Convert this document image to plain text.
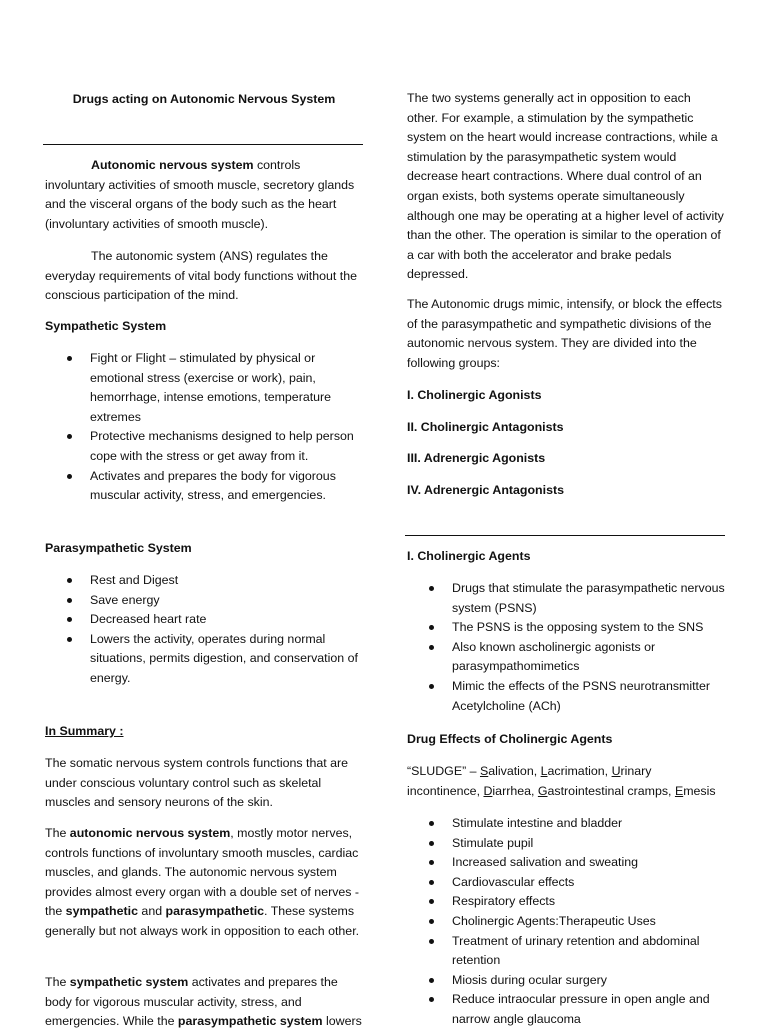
Drugs acting on Autonomic Nervous System

Autonomic nervous system controls involuntary activities of smooth muscle, secretory glands and the visceral organs of the body such as the heart (involuntary activities of smooth muscle).

The autonomic system (ANS) regulates the everyday requirements of vital body functions without the conscious participation of the mind.

Sympathetic System

Fight or Flight – stimulated by physical or emotional stress (exercise or work), pain, hemorrhage, intense emotions, temperature extremes
Protective mechanisms designed to help person cope with the stress or get away from it.
Activates and prepares the body for vigorous muscular activity, stress, and emergencies.

Parasympathetic System

Rest and Digest
Save energy
Decreased heart rate
Lowers the activity, operates during normal situations, permits digestion, and conservation of energy.

In Summary :

The somatic nervous system controls functions that are under conscious voluntary control such as skeletal muscles and sensory neurons of the skin.

The autonomic nervous system, mostly motor nerves, controls functions of involuntary smooth muscles, cardiac muscles, and glands. The autonomic nervous system provides almost every organ with a double set of nerves - the sympathetic and parasympathetic. These systems generally but not always work in opposition to each other.

The sympathetic system activates and prepares the body for vigorous muscular activity, stress, and emergencies. While the parasympathetic system lowers

The two systems generally act in opposition to each other. For example, a stimulation by the sympathetic system on the heart would increase contractions, while a stimulation by the parasympathetic system would decrease heart contractions. Where dual control of an organ exists, both systems operate simultaneously although one may be operating at a higher level of activity than the other. The operation is similar to the operation of a car with both the accelerator and brake pedals depressed.

The Autonomic drugs mimic, intensify, or block the effects of the parasympathetic and sympathetic divisions of the autonomic nervous system. They are divided into the following groups:

I. Cholinergic Agonists

II. Cholinergic Antagonists

III. Adrenergic Agonists

IV. Adrenergic Antagonists

I. Cholinergic Agents

Drugs that stimulate the parasympathetic nervous system (PSNS)
The PSNS is the opposing system to the SNS
Also known ascholinergic agonists or parasympathomimetics
Mimic the effects of the PSNS neurotransmitter Acetylcholine (ACh)

Drug Effects of Cholinergic Agents

“SLUDGE” – Salivation, Lacrimation, Urinary incontinence, Diarrhea, Gastrointestinal cramps, Emesis

Stimulate intestine and bladder
Stimulate pupil
Increased salivation and sweating
Cardiovascular effects
Respiratory effects
Cholinergic Agents:Therapeutic Uses
Treatment of urinary retention and abdominal retention
Miosis during ocular surgery
Reduce intraocular pressure in open angle and narrow angle glaucoma
